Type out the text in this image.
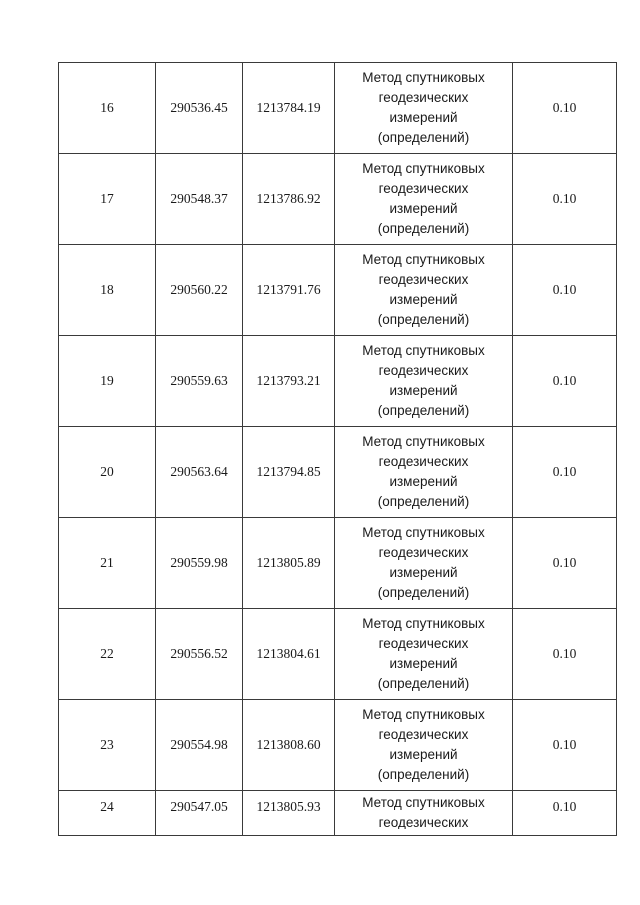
16	290536.45	1213784.19	Метод спутниковых
геодезических
измерений
(определений)	0.10
17	290548.37	1213786.92	Метод спутниковых
геодезических
измерений
(определений)	0.10
18	290560.22	1213791.76	Метод спутниковых
геодезических
измерений
(определений)	0.10
19	290559.63	1213793.21	Метод спутниковых
геодезических
измерений
(определений)	0.10
20	290563.64	1213794.85	Метод спутниковых
геодезических
измерений
(определений)	0.10
21	290559.98	1213805.89	Метод спутниковых
геодезических
измерений
(определений)	0.10
22	290556.52	1213804.61	Метод спутниковых
геодезических
измерений
(определений)	0.10
23	290554.98	1213808.60	Метод спутниковых
геодезических
измерений
(определений)	0.10
24	290547.05	1213805.93	Метод спутниковых
геодезических	0.10
